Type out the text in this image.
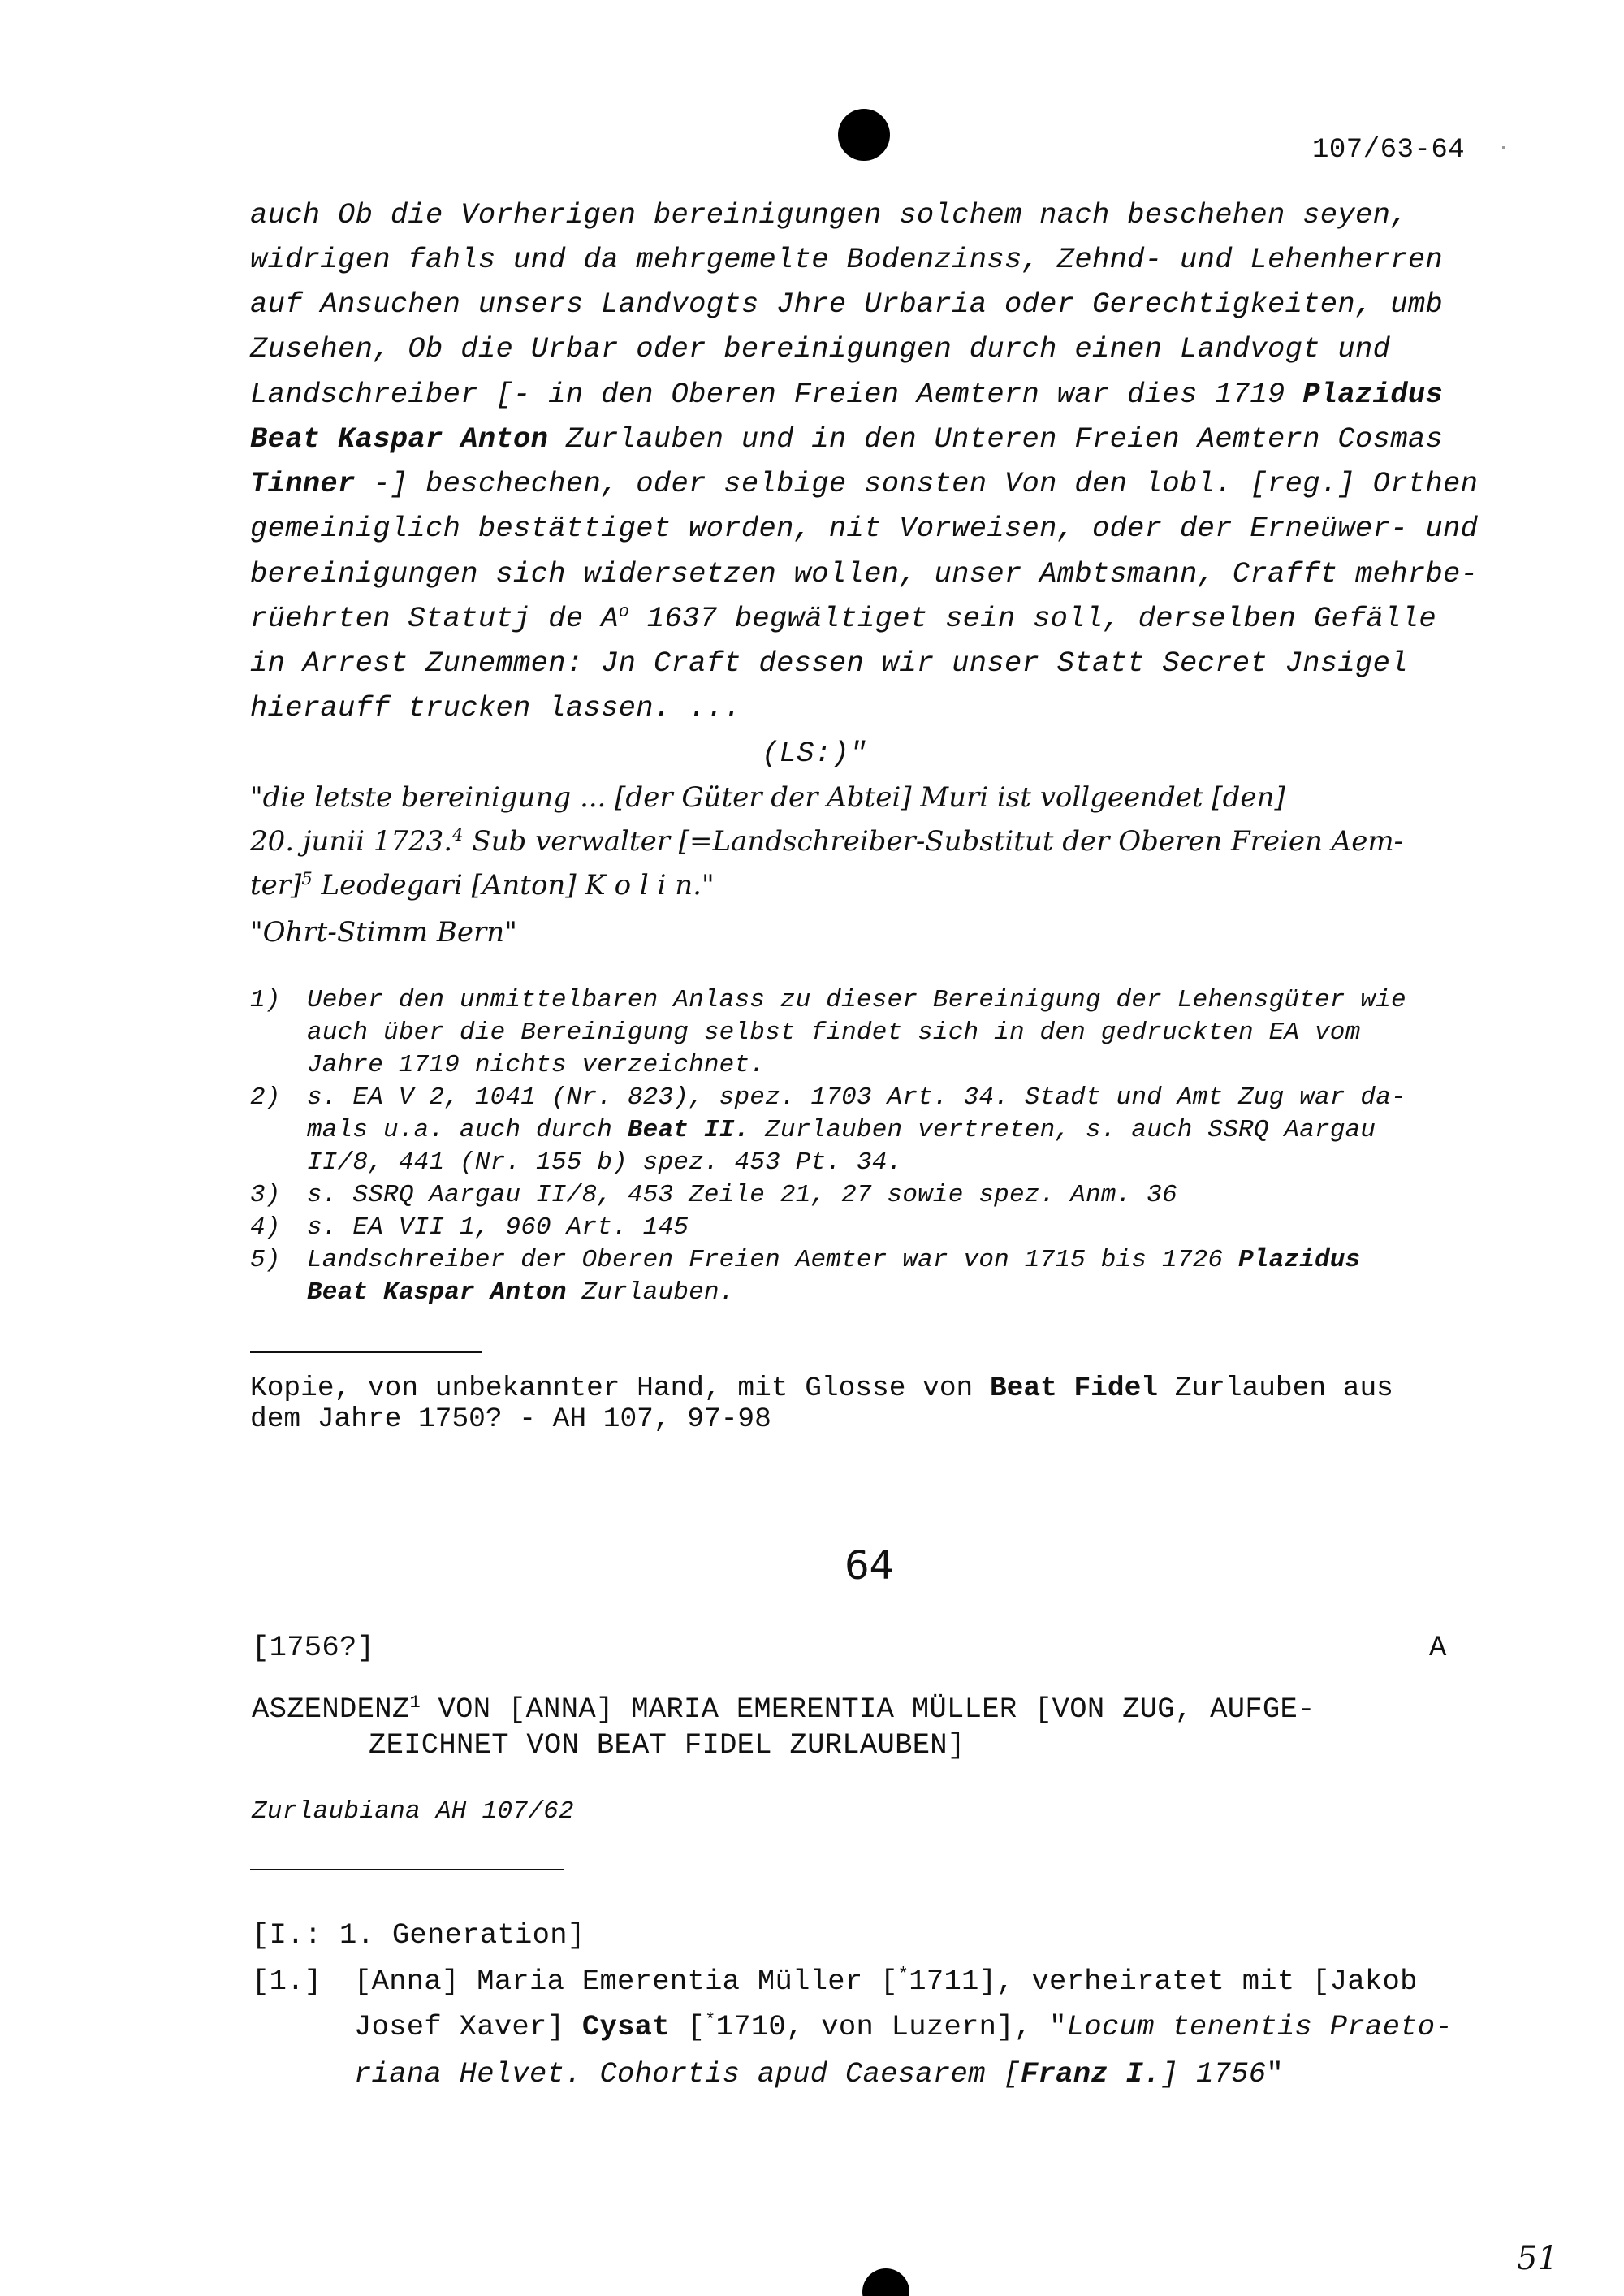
107/63-64
auch Ob die Vorherigen bereinigungen solchem nach beschehen seyen,
widrigen fahls und da mehrgemelte Bodenzinss, Zehnd- und Lehenherren
auf Ansuchen unsers Landvogts Jhre Urbaria oder Gerechtigkeiten, umb
Zusehen, Ob die Urbar oder bereinigungen durch einen Landvogt und
Landschreiber [- in den Oberen Freien Aemtern war dies 1719 Plazidus
Beat Kaspar Anton Zurlauben und in den Unteren Freien Aemtern Cosmas
Tinner -] beschechen, oder selbige sonsten Von den lobl. [reg.] Orthen
gemeiniglich bestättiget worden, nit Vorweisen, oder der Erneüwer- und
bereinigungen sich widersetzen wollen, unser Ambtsmann, Crafft mehrbe-
rüehrten Statutj de $A^o$ 1637 begwältiget sein soll, derselben Gefälle
in Arrest Zunemmen: Jn Craft dessen wir unser Statt Secret Jnsigel
hierauff trucken lassen. ...
(LS:)"
"die letste bereinigung ... [der Güter der Abtei] Muri ist vollgeendet [den]
20. junii 1723.$^4$ Sub verwalter [=Landschreiber-Substitut der Oberen Freien Aem-
ter]$^5$ Leodegari [Anton] K o l i n."
"Ohrt-Stimm Bern"
1) Ueber den unmittelbaren Anlass zu dieser Bereinigung der Lehensgüter wie
auch über die Bereinigung selbst findet sich in den gedruckten EA vom
Jahre 1719 nichts verzeichnet.
2) s. EA V 2, 1041 (Nr. 823), spez. 1703 Art. 34. Stadt und Amt Zug war da-
mals u.a. auch durch Beat II. Zurlauben vertreten, s. auch SSRQ Aargau
II/8, 441 (Nr. 155 b) spez. 453 Pt. 34.
3) s. SSRQ Aargau II/8, 453 Zeile 21, 27 sowie spez. Anm. 36
4) s. EA VII 1, 960 Art. 145
5) Landschreiber der Oberen Freien Aemter war von 1715 bis 1726 Plazidus
Beat Kaspar Anton Zurlauben.
Kopie, von unbekannter Hand, mit Glosse von Beat Fidel Zurlauben aus
dem Jahre 1750? - AH 107, 97-98
64
[1756?]	A
ASZENDENZ$^1$ VON [ANNA] MARIA EMERENTIA MÜLLER [VON ZUG, AUFGE-
ZEICHNET VON BEAT FIDEL ZURLAUBEN]
Zurlaubiana AH 107/62
[I.: 1. Generation]
[1.] [Anna] Maria Emerentia Müller [*1711], verheiratet mit [Jakob
Josef Xaver] Cysat [*1710, von Luzern], "Locum tenentis Praeto-
riana Helvet. Cohortis apud Caesarem [Franz I.] 1756"
51
